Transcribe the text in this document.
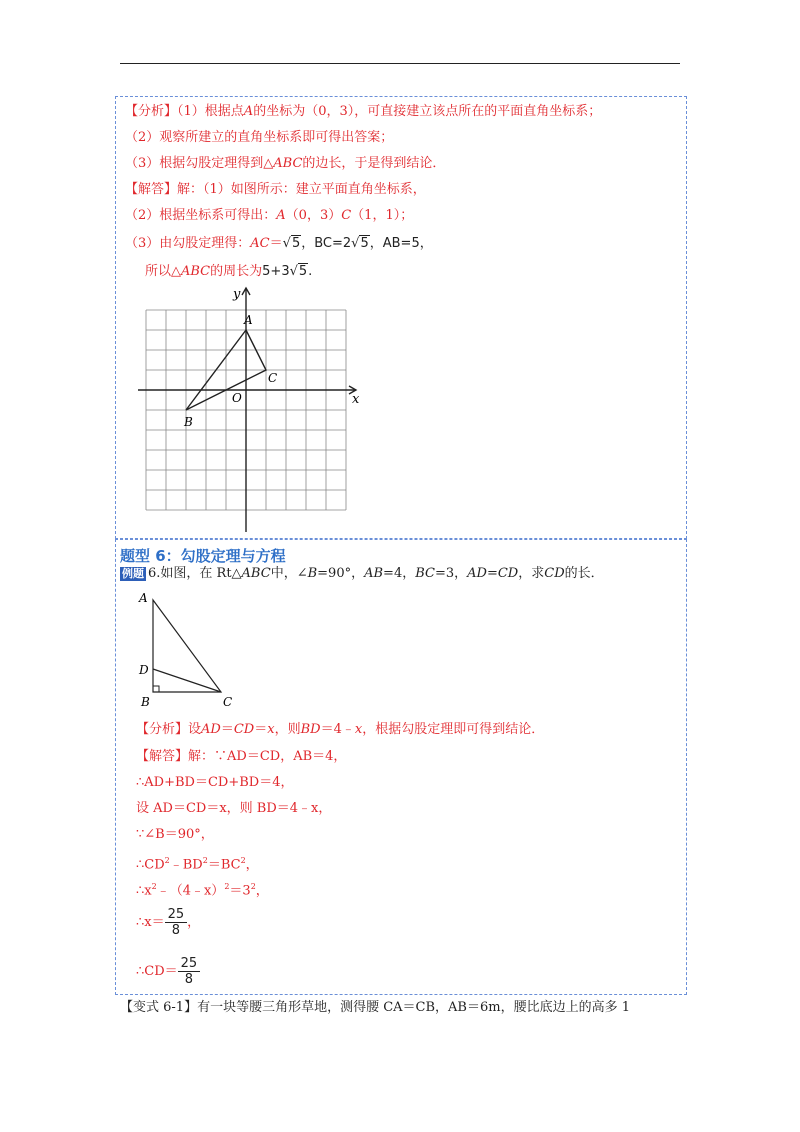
【分析】（1）根据点A的坐标为（0，3），可直接建立该点所在的平面直角坐标系；
（2）观察所建立的直角坐标系即可得出答案；
（3）根据勾股定理得到△ABC的边长，于是得到结论．
【解答】解：（1）如图所示：建立平面直角坐标系，
（2）根据坐标系可得出：A（0，3）C（1，1）；
（3）由勾股定理得：AC＝√5，BC=2√5，AB=5，
所以△ABC的周长为5+3√5.
y
x
O
A
B
C
题型 6：勾股定理与方程
例题 6.如图，在 Rt△ABC中，∠B=90°，AB=4，BC=3，AD=CD，求CD的长．
A
D
B	C
【分析】设AD＝CD＝x，则BD＝4﹣x，根据勾股定理即可得到结论．
【解答】解：∵AD＝CD，AB＝4，
∴AD+BD＝CD+BD＝4，
设 AD＝CD＝x，则 BD＝4﹣x，
∵∠B＝90°，
$\therefore CD^2﹣BD^2=BC^2$，
$\therefore x^2﹣(4﹣x)^2=3^2$，
∴x＝ $\frac{25}{8}$ ，
∴CD＝ $\frac{25}{8}$
【变式 6-1】有一块等腰三角形草地，测得腰 CA＝CB，AB＝6m，腰比底边上的高多 1
